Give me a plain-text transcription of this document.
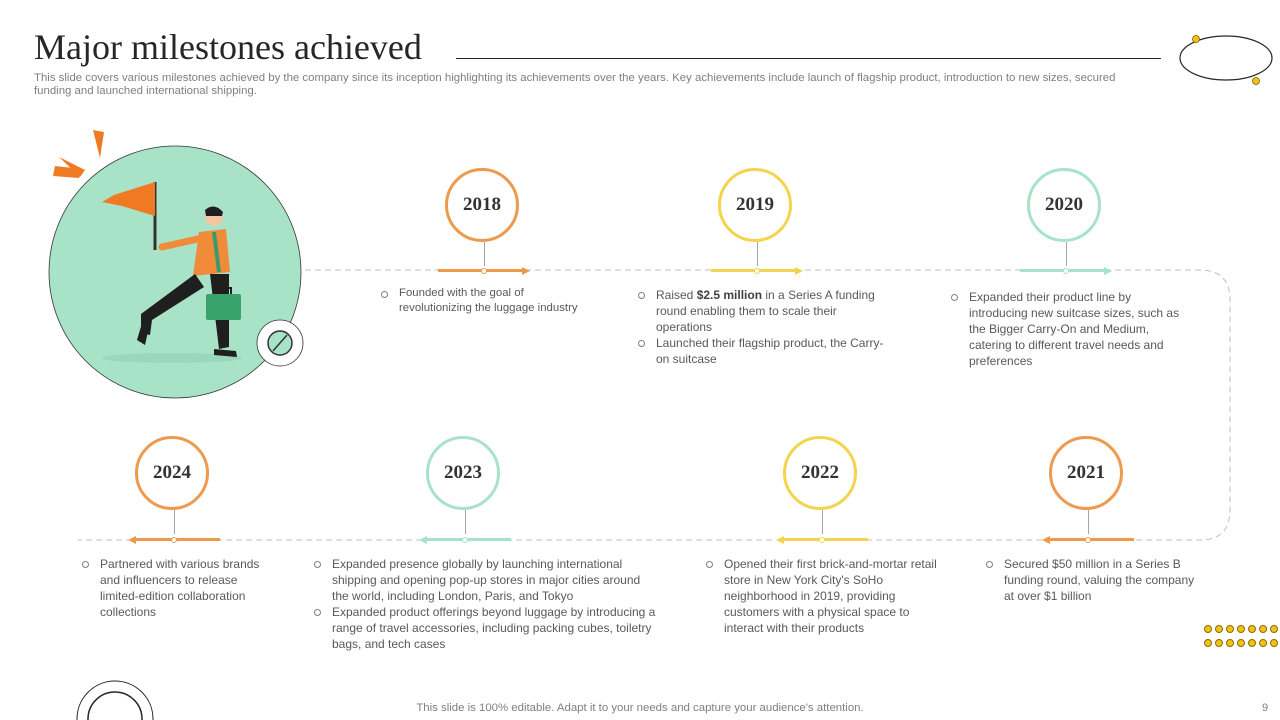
Major milestones achieved
This slide covers various milestones achieved by the company since its inception highlighting its achievements over the years. Key achievements include launch of flagship product, introduction to new sizes, secured funding and launched international shipping.
2018
Founded with the goal of revolutionizing the luggage industry
2019
Raised $2.5 million in a Series A funding round enabling them to scale their operations
Launched their flagship product, the Carry-on suitcase
2020
Expanded their product line by introducing new suitcase sizes, such as the Bigger Carry-On and Medium, catering to different travel needs and preferences
2021
Secured $50 million in a Series B funding round, valuing the company at over $1 billion
2022
Opened their first brick-and-mortar retail store in New York City's SoHo neighborhood in 2019, providing customers with a physical space to interact with their products
2023
Expanded presence globally by launching international shipping and opening pop-up stores in major cities around the world, including London, Paris, and Tokyo
Expanded product offerings beyond luggage by introducing a range of travel accessories, including packing cubes, toiletry bags, and tech cases
2024
Partnered with various brands and influencers to release limited-edition collaboration collections
This slide is 100% editable. Adapt it to your needs and capture your audience's attention.	9
